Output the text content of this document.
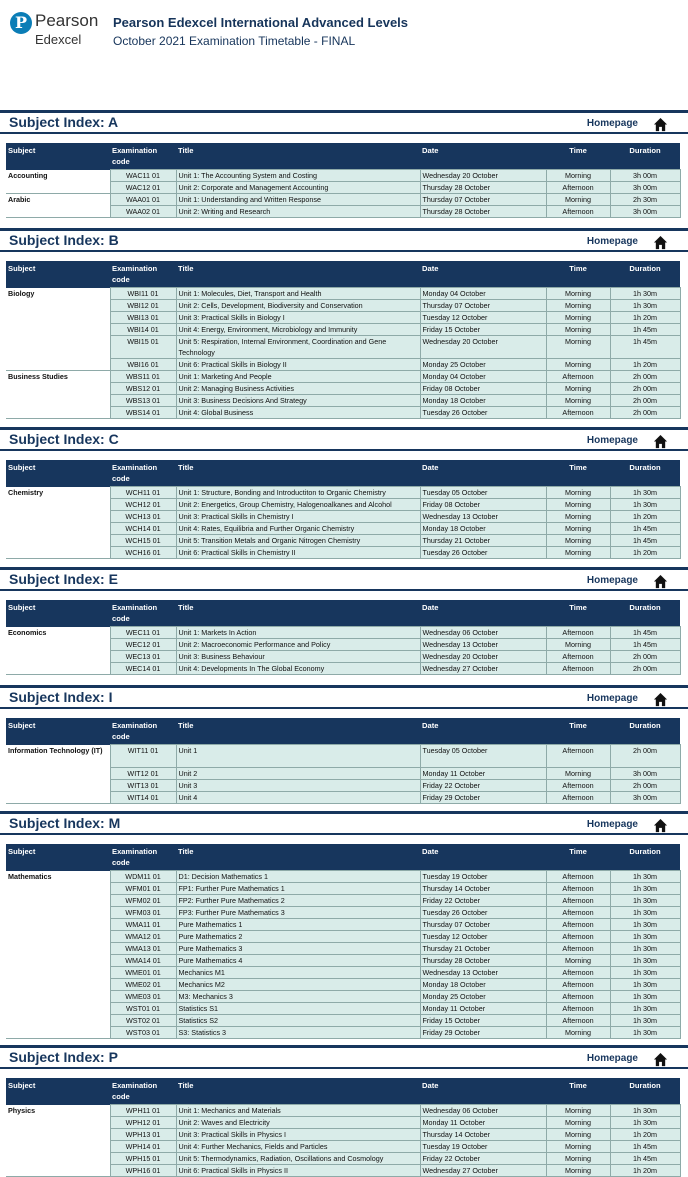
P Pearson
Edexcel
Pearson Edexcel International Advanced Levels
October 2021 Examination Timetable - FINAL
Subject Index: A	Homepage
Subject	Examination code	Title	Date	Time	Duration
Accounting	WAC11 01	Unit 1: The Accounting System and Costing	Wednesday 20 October	Morning	3h 00m
	WAC12 01	Unit 2: Corporate and Management Accounting	Thursday 28 October	Afternoon	3h 00m
Arabic	WAA01 01	Unit 1: Understanding and Written Response	Thursday 07 October	Morning	2h 30m
	WAA02 01	Unit 2: Writing and Research	Thursday 28 October	Afternoon	3h 00m
Subject Index: B	Homepage
Subject	Examination code	Title	Date	Time	Duration
Biology	WBI11 01	Unit 1: Molecules, Diet, Transport and Health	Monday 04 October	Morning	1h 30m
	WBI12 01	Unit 2: Cells, Development, Biodiversity and Conservation	Thursday 07 October	Morning	1h 30m
	WBI13 01	Unit 3: Practical Skills in Biology I	Tuesday 12 October	Morning	1h 20m
	WBI14 01	Unit 4: Energy, Environment, Microbiology and Immunity	Friday 15 October	Morning	1h 45m
	WBI15 01	Unit 5: Respiration, Internal Environment, Coordination and Gene Technology	Wednesday 20 October	Morning	1h 45m
	WBI16 01	Unit 6: Practical Skills in Biology II	Monday 25 October	Morning	1h 20m
Business Studies	WBS11 01	Unit 1: Marketing And People	Monday 04 October	Afternoon	2h 00m
	WBS12 01	Unit 2: Managing Business Activities	Friday 08 October	Morning	2h 00m
	WBS13 01	Unit 3: Business Decisions And Strategy	Monday 18 October	Morning	2h 00m
	WBS14 01	Unit 4: Global Business	Tuesday 26 October	Afternoon	2h 00m
Subject Index: C	Homepage
Subject	Examination code	Title	Date	Time	Duration
Chemistry	WCH11 01	Unit 1: Structure, Bonding and Introductiton to Organic Chemistry	Tuesday 05 October	Morning	1h 30m
	WCH12 01	Unit 2: Energetics, Group Chemistry, Halogenoalkanes and Alcohol	Friday 08 October	Morning	1h 30m
	WCH13 01	Unit 3: Practical Skills in Chemistry I	Wednesday 13 October	Morning	1h 20m
	WCH14 01	Unit 4: Rates, Equilibria and Further Organic Chemistry	Monday 18 October	Morning	1h 45m
	WCH15 01	Unit 5: Transition Metals and Organic Nitrogen Chemistry	Thursday 21 October	Morning	1h 45m
	WCH16 01	Unit 6: Practical Skills in Chemistry II	Tuesday 26 October	Morning	1h 20m
Subject Index: E	Homepage
Subject	Examination code	Title	Date	Time	Duration
Economics	WEC11 01	Unit 1: Markets In Action	Wednesday 06 October	Afternoon	1h 45m
	WEC12 01	Unit 2: Macroeconomic Performance and Policy	Wednesday 13 October	Morning	1h 45m
	WEC13 01	Unit 3: Business Behaviour	Wednesday 20 October	Afternoon	2h 00m
	WEC14 01	Unit 4: Developments In The Global Economy	Wednesday 27 October	Afternoon	2h 00m
Subject Index: I	Homepage
Subject	Examination code	Title	Date	Time	Duration
Information Technology (IT)	WIT11 01	Unit 1	Tuesday 05 October	Afternoon	2h 00m
	WIT12 01	Unit 2	Monday 11 October	Morning	3h 00m
	WIT13 01	Unit 3	Friday 22 October	Afternoon	2h 00m
	WIT14 01	Unit 4	Friday 29 October	Afternoon	3h 00m
Subject Index: M	Homepage
Subject	Examination code	Title	Date	Time	Duration
Mathematics	WDM11 01	D1: Decision Mathematics 1	Tuesday 19 October	Afternoon	1h 30m
	WFM01 01	FP1: Further Pure Mathematics 1	Thursday 14 October	Afternoon	1h 30m
	WFM02 01	FP2: Further Pure Mathematics 2	Friday 22 October	Afternoon	1h 30m
	WFM03 01	FP3: Further Pure Mathematics 3	Tuesday 26 October	Afternoon	1h 30m
	WMA11 01	Pure Mathematics 1	Thursday 07 October	Afternoon	1h 30m
	WMA12 01	Pure Mathematics 2	Tuesday 12 October	Afternoon	1h 30m
	WMA13 01	Pure Mathematics 3	Thursday 21 October	Afternoon	1h 30m
	WMA14 01	Pure Mathematics 4	Thursday 28 October	Morning	1h 30m
	WME01 01	Mechanics M1	Wednesday 13 October	Afternoon	1h 30m
	WME02 01	Mechanics M2	Monday 18 October	Afternoon	1h 30m
	WME03 01	M3: Mechanics 3	Monday 25 October	Afternoon	1h 30m
	WST01 01	Statistics S1	Monday 11 October	Afternoon	1h 30m
	WST02 01	Statistics S2	Friday 15 October	Afternoon	1h 30m
	WST03 01	S3: Statistics 3	Friday 29 October	Morning	1h 30m
Subject Index: P	Homepage
Subject	Examination code	Title	Date	Time	Duration
Physics	WPH11 01	Unit 1: Mechanics and Materials	Wednesday 06 October	Morning	1h 30m
	WPH12 01	Unit 2: Waves and Electricity	Monday 11 October	Morning	1h 30m
	WPH13 01	Unit 3: Practical Skills in Physics I	Thursday 14 October	Morning	1h 20m
	WPH14 01	Unit 4: Further Mechanics, Fields and Particles	Tuesday 19 October	Morning	1h 45m
	WPH15 01	Unit 5: Thermodynamics, Radiation, Oscillations and Cosmology	Friday 22 October	Morning	1h 45m
	WPH16 01	Unit 6: Practical Skills in Physics II	Wednesday 27 October	Morning	1h 20m
